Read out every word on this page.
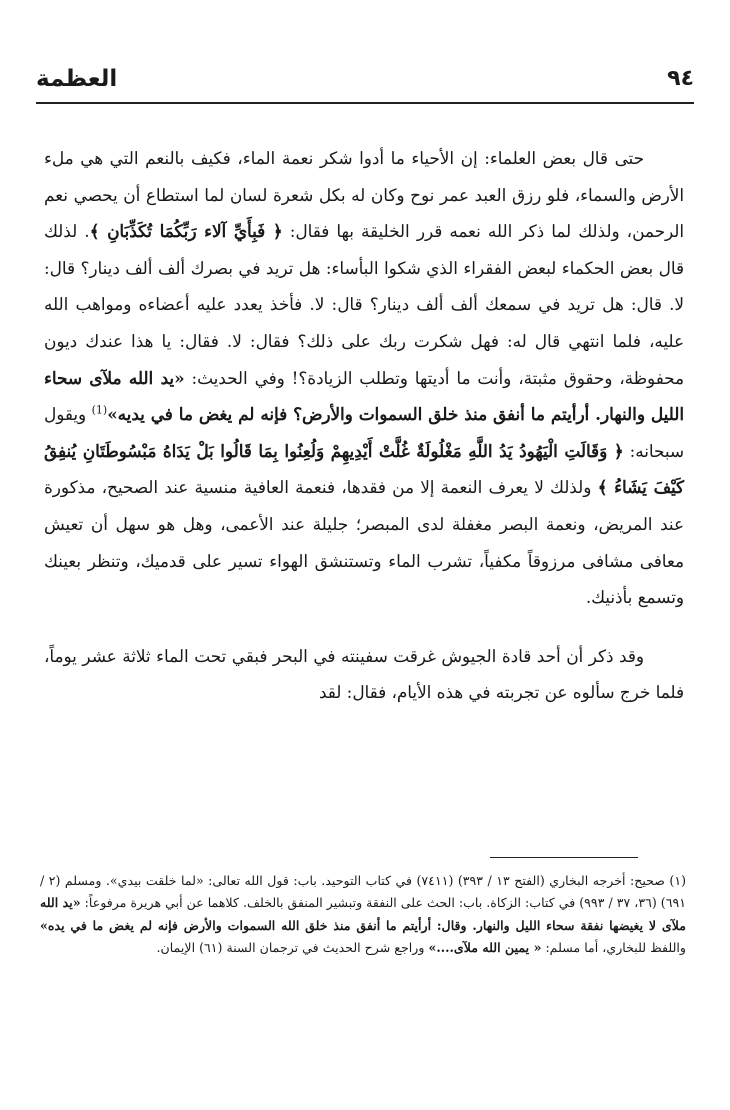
العظمة	٩٤

حتى قال بعض العلماء: إن الأحياء ما أدوا شكر نعمة الماء، فكيف بالنعم التي هي ملء الأرض والسماء، فلو رزق العبد عمر نوح وكان له بكل شعرة لسان لما استطاع أن يحصي نعم الرحمن، ولذلك لما ذكر الله نعمه قرر الخليقة بها فقال: ﴿ فَبِأَيِّ آلاء رَبِّكُمَا تُكَذِّبَانِ ﴾. لذلك قال بعض الحكماء لبعض الفقراء الذي شكوا البأساء: هل تريد في بصرك ألف ألف دينار؟ قال: لا. قال: هل تريد في سمعك ألف ألف دينار؟ قال: لا. فأخذ يعدد عليه أعضاءه ومواهب الله عليه، فلما انتهي قال له: فهل شكرت ربك على ذلك؟ فقال: لا. فقال: يا هذا عندك ديون محفوظة، وحقوق مثبتة، وأنت ما أديتها وتطلب الزيادة؟! وفي الحديث: «يد الله ملآى سحاء الليل والنهار. أرأيتم ما أنفق منذ خلق السموات والأرض؟ فإنه لم يغض ما في يديه»$^{(1)}$ ويقول سبحانه: ﴿ وَقَالَتِ الْيَهُودُ يَدُ اللَّهِ مَغْلُولَةٌ غُلَّتْ أَيْدِيهِمْ وَلُعِنُوا بِمَا قَالُوا بَلْ يَدَاهُ مَبْسُوطَتَانِ يُنفِقُ كَيْفَ يَشَاءُ ﴾ ولذلك لا يعرف النعمة إلا من فقدها، فنعمة العافية منسية عند الصحيح، مذكورة عند المريض، ونعمة البصر مغفلة لدى المبصر؛ جليلة عند الأعمى، وهل هو سهل أن تعيش معافى مشافى مرزوقاً مكفياً، تشرب الماء وتستنشق الهواء تسير على قدميك، وتنظر بعينك وتسمع بأذنيك.

وقد ذكر أن أحد قادة الجيوش غرقت سفينته في البحر فبقي تحت الماء ثلاثة عشر يوماً، فلما خرج سألوه عن تجربته في هذه الأيام، فقال: لقد

(١) صحيح: أخرجه البخاري (الفتح ١٣ / ٣٩٣) (٧٤١١) في كتاب التوحيد. باب: قول الله تعالى: «لما خلقت بيدي». ومسلم (٢ / ٦٩١) (٣٦، ٣٧ / ٩٩٣) في كتاب: الزكاة. باب: الحث على النفقة وتبشير المنفق بالخلف. كلاهما عن أبي هريرة مرفوعاً: «يد الله ملآى لا يغيضها نفقة سحاء الليل والنهار. وقال: أرأيتم ما أنفق منذ خلق الله السموات والأرض فإنه لم يغض ما في يده» واللفظ للبخاري، أما مسلم: « يمين الله ملآى....» وراجع شرح الحديث في ترجمان السنة (٦١) الإيمان.
